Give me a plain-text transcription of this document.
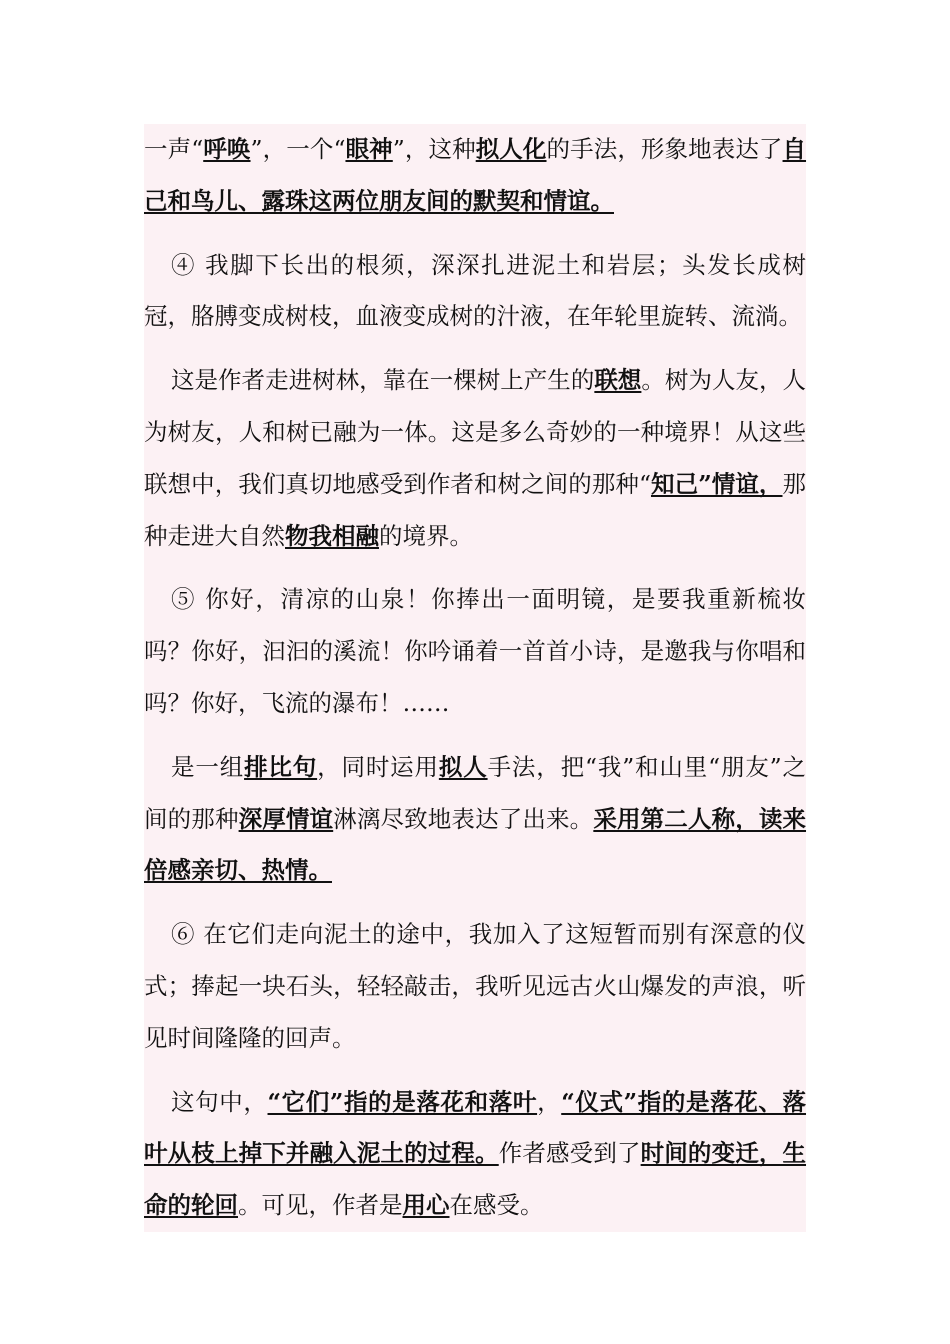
一声“呼唤”，一个“眼神”，这种拟人化的手法，形象地表达了自己和鸟儿、露珠这两位朋友间的默契和情谊。

④ 我脚下长出的根须，深深扎进泥土和岩层；头发长成树冠，胳膊变成树枝，血液变成树的汁液，在年轮里旋转、流淌。

这是作者走进树林，靠在一棵树上产生的联想。树为人友，人为树友，人和树已融为一体。这是多么奇妙的一种境界！从这些联想中，我们真切地感受到作者和树之间的那种“知己”情谊，那种走进大自然物我相融的境界。

⑤ 你好，清凉的山泉！你捧出一面明镜，是要我重新梳妆吗？你好，汩汩的溪流！你吟诵着一首首小诗，是邀我与你唱和吗？你好，飞流的瀑布！……

是一组排比句，同时运用拟人手法，把“我”和山里“朋友”之间的那种深厚情谊淋漓尽致地表达了出来。采用第二人称，读来倍感亲切、热情。

⑥ 在它们走向泥土的途中，我加入了这短暂而别有深意的仪式；捧起一块石头，轻轻敲击，我听见远古火山爆发的声浪，听见时间隆隆的回声。

这句中，“它们”指的是落花和落叶，“仪式”指的是落花、落叶从枝上掉下并融入泥土的过程。作者感受到了时间的变迁，生命的轮回。可见，作者是用心在感受。
